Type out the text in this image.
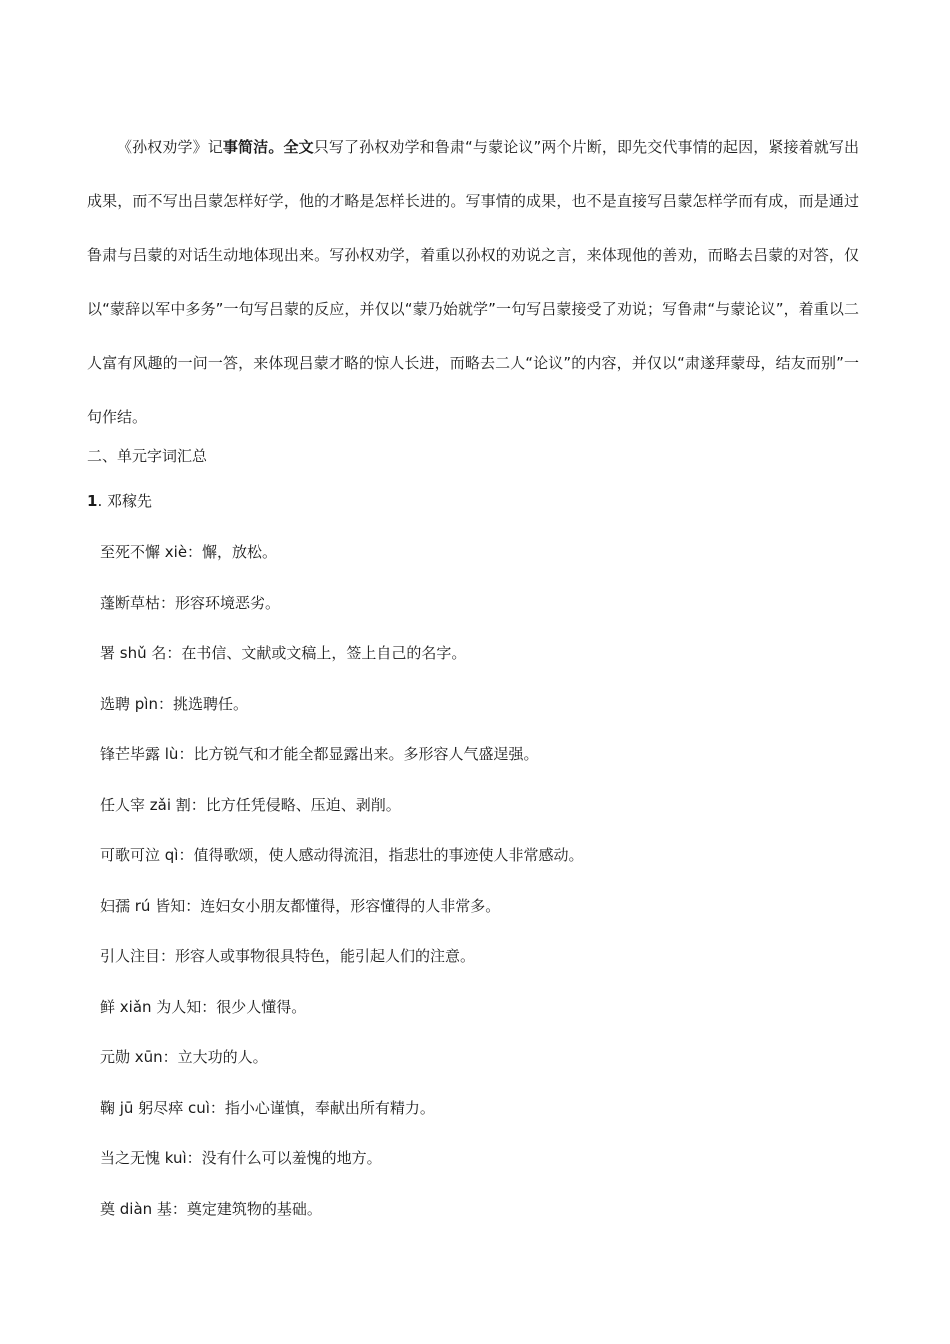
《孙权劝学》记事简洁。全文只写了孙权劝学和鲁肃“与蒙论议”两个片断，即先交代事情的起因，紧接着就写出成果，而不写出吕蒙怎样好学，他的才略是怎样长进的。写事情的成果，也不是直接写吕蒙怎样学而有成，而是通过鲁肃与吕蒙的对话生动地体现出来。写孙权劝学，着重以孙权的劝说之言，来体现他的善劝，而略去吕蒙的对答，仅以“蒙辞以军中多务”一句写吕蒙的反应，并仅以“蒙乃始就学”一句写吕蒙接受了劝说；写鲁肃“与蒙论议”，着重以二人富有风趣的一问一答，来体现吕蒙才略的惊人长进，而略去二人“论议”的内容，并仅以“肃遂拜蒙母，结友而别”一句作结。

二、单元字词汇总

1. 邓稼先

至死不懈 xiè：懈，放松。

蓬断草枯：形容环境恶劣。

署 shǔ 名：在书信、文献或文稿上，签上自己的名字。

选聘 pìn：挑选聘任。

锋芒毕露 lù：比方锐气和才能全都显露出来。多形容人气盛逞强。

任人宰 zǎi 割：比方任凭侵略、压迫、剥削。

可歌可泣 qì：值得歌颂，使人感动得流泪，指悲壮的事迹使人非常感动。

妇孺 rú 皆知：连妇女小朋友都懂得，形容懂得的人非常多。

引人注目：形容人或事物很具特色，能引起人们的注意。

鲜 xiǎn 为人知：很少人懂得。

元勋 xūn：立大功的人。

鞠 jū 躬尽瘁 cuì：指小心谨慎，奉献出所有精力。

当之无愧 kuì：没有什么可以羞愧的地方。

奠 diàn 基：奠定建筑物的基础。
